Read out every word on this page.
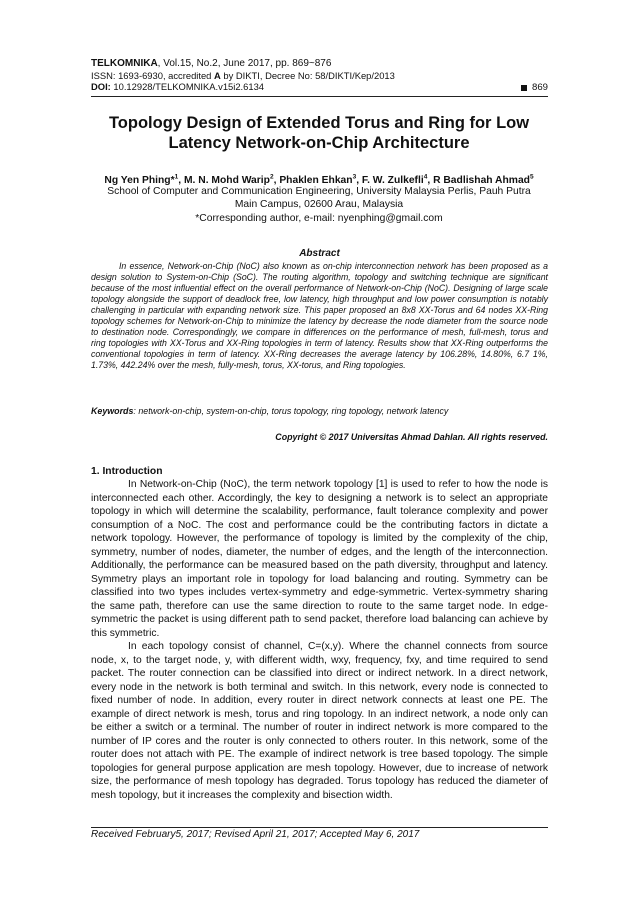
TELKOMNIKA, Vol.15, No.2, June 2017, pp. 869~876
ISSN: 1693-6930, accredited A by DIKTI, Decree No: 58/DIKTI/Kep/2013
DOI: 10.12928/TELKOMNIKA.v15i2.6134	869
Topology Design of Extended Torus and Ring for Low
Latency Network-on-Chip Architecture
Ng Yen Phing*$^1$, M. N. Mohd Warip$^2$, Phaklen Ehkan$^3$, F. W. Zulkefli$^4$, R Badlishah Ahmad$^5$
School of Computer and Communication Engineering, University Malaysia Perlis, Pauh Putra
Main Campus, 02600 Arau, Malaysia
*Corresponding author, e-mail: nyenphing@gmail.com
Abstract
In essence, Network-on-Chip (NoC) also known as on-chip interconnection network has been proposed as a design solution to System-on-Chip (SoC). The routing algorithm, topology and switching technique are significant because of the most influential effect on the overall performance of Network-on-Chip (NoC). Designing of large scale topology alongside the support of deadlock free, low latency, high throughput and low power consumption is notably challenging in particular with expanding network size. This paper proposed an 8x8 XX-Torus and 64 nodes XX-Ring topology schemes for Network-on-Chip to minimize the latency by decrease the node diameter from the source node to destination node. Correspondingly, we compare in differences on the performance of mesh, full-mesh, torus and ring topologies with XX-Torus and XX-Ring topologies in term of latency. Results show that XX-Ring outperforms the conventional topologies in term of latency. XX-Ring decreases the average latency by 106.28%, 14.80%, 6.7 1%, 1.73%, 442.24% over the mesh, fully-mesh, torus, XX-torus, and Ring topologies.
Keywords: network-on-chip, system-on-chip, torus topology, ring topology, network latency
Copyright © 2017 Universitas Ahmad Dahlan. All rights reserved.
1. Introduction

In Network-on-Chip (NoC), the term network topology [1] is used to refer to how the node is interconnected each other. Accordingly, the key to designing a network is to select an appropriate topology in which will determine the scalability, performance, fault tolerance complexity and power consumption of a NoC. The cost and performance could be the contributing factors in dictate a network topology. However, the performance of topology is limited by the complexity of the chip, symmetry, number of nodes, diameter, the number of edges, and the length of the interconnection. Additionally, the performance can be measured based on the path diversity, throughput and latency. Symmetry plays an important role in topology for load balancing and routing. Symmetry can be classified into two types includes vertex-symmetry and edge-symmetric. Vertex-symmetry sharing the same path, therefore can use the same direction to route to the same target node. In edge-symmetric the packet is using different path to send packet, therefore load balancing can achieve by this symmetric.

In each topology consist of channel, C=(x,y). Where the channel connects from source node, x, to the target node, y, with different width, wxy, frequency, fxy, and time required to send packet. The router connection can be classified into direct or indirect network. In a direct network, every node in the network is both terminal and switch. In this network, every node is connected to fixed number of node. In addition, every router in direct network connects at least one PE. The example of direct network is mesh, torus and ring topology. In an indirect network, a node only can be either a switch or a terminal. The number of router in indirect network is more compared to the number of IP cores and the router is only connected to others router. In this network, some of the router does not attach with PE. The example of indirect network is tree based topology. The simple topologies for general purpose application are mesh topology. However, due to increase of network size, the performance of mesh topology has degraded. Torus topology has reduced the diameter of mesh topology, but it increases the complexity and bisection width.

Received February5, 2017; Revised April 21, 2017; Accepted May 6, 2017
